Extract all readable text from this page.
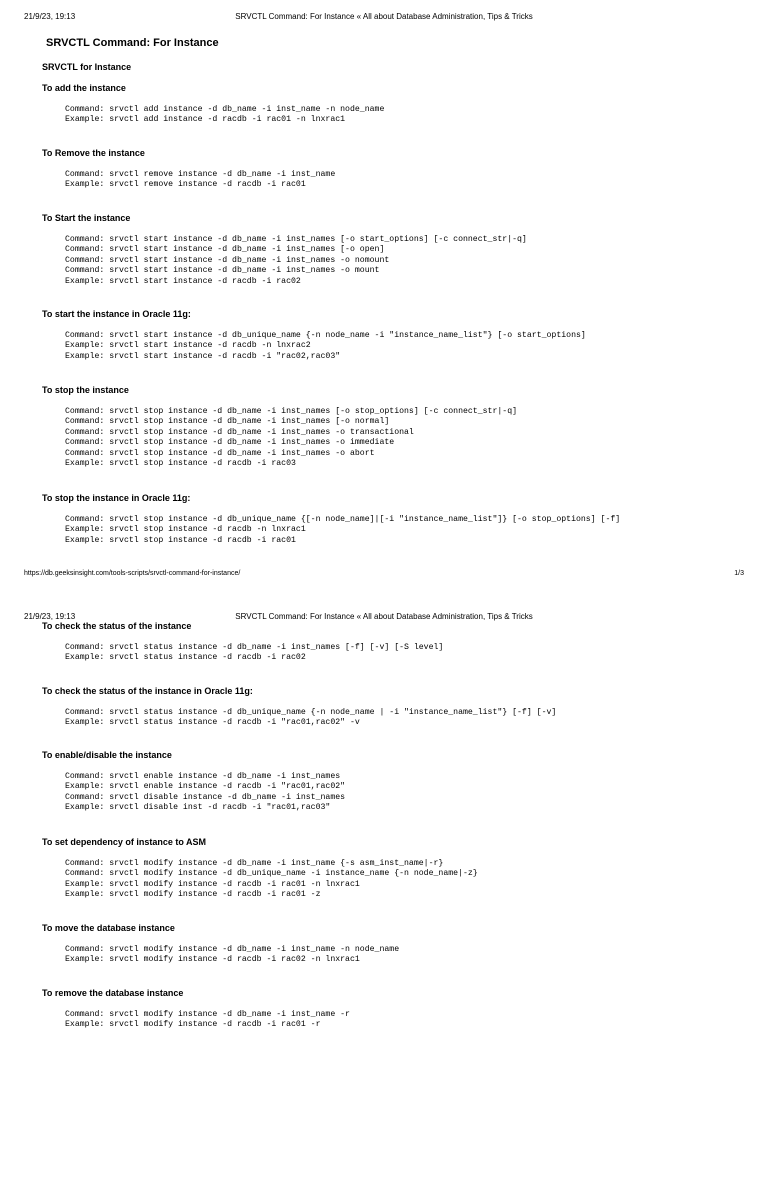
21/9/23, 19:13	SRVCTL Command: For Instance « All about Database Administration, Tips & Tricks
SRVCTL Command: For Instance
SRVCTL for Instance
To add the instance
Command: srvctl add instance -d db_name -i inst_name -n node_name
Example: srvctl add instance -d racdb -i rac01 -n lnxrac1
To Remove the instance
Command: srvctl remove instance -d db_name -i inst_name
Example: srvctl remove instance -d racdb -i rac01
To Start the instance
Command: srvctl start instance -d db_name -i inst_names [-o start_options] [-c connect_str|-q]
Command: srvctl start instance -d db_name -i inst_names [-o open]
Command: srvctl start instance -d db_name -i inst_names -o nomount
Command: srvctl start instance -d db_name -i inst_names -o mount
Example: srvctl start instance -d racdb -i rac02
To start the instance in Oracle 11g:
Command: srvctl start instance -d db_unique_name {-n node_name -i "instance_name_list"} [-o start_options]
Example: srvctl start instance -d racdb -n lnxrac2
Example: srvctl start instance -d racdb -i "rac02,rac03"
To stop the instance
Command: srvctl stop instance -d db_name -i inst_names [-o stop_options] [-c connect_str|-q]
Command: srvctl stop instance -d db_name -i inst_names [-o normal]
Command: srvctl stop instance -d db_name -i inst_names -o transactional
Command: srvctl stop instance -d db_name -i inst_names -o immediate
Command: srvctl stop instance -d db_name -i inst_names -o abort
Example: srvctl stop instance -d racdb -i rac03
To stop the instance in Oracle 11g:
Command: srvctl stop instance -d db_unique_name {[-n node_name]|[-i "instance_name_list"]} [-o stop_options] [-f]
Example: srvctl stop instance -d racdb -n lnxrac1
Example: srvctl stop instance -d racdb -i rac01
https://db.geeksinsight.com/tools-scripts/srvctl-command-for-instance/	1/3
21/9/23, 19:13	SRVCTL Command: For Instance « All about Database Administration, Tips & Tricks
To check the status of the instance
Command: srvctl status instance -d db_name -i inst_names [-f] [-v] [-S level]
Example: srvctl status instance -d racdb -i rac02
To check the status of the instance in Oracle 11g:
Command: srvctl status instance -d db_unique_name {-n node_name | -i "instance_name_list"} [-f] [-v]
Example: srvctl status instance -d racdb -i "rac01,rac02" -v
To enable/disable the instance
Command: srvctl enable instance -d db_name -i inst_names
Example: srvctl enable instance -d racdb -i "rac01,rac02"
Command: srvctl disable instance -d db_name -i inst_names
Example: srvctl disable inst -d racdb -i "rac01,rac03"
To set dependency of instance to ASM
Command: srvctl modify instance -d db_name -i inst_name {-s asm_inst_name|-r}
Command: srvctl modify instance -d db_unique_name -i instance_name {-n node_name|-z}
Example: srvctl modify instance -d racdb -i rac01 -n lnxrac1
Example: srvctl modify instance -d racdb -i rac01 -z
To move the database instance
Command: srvctl modify instance -d db_name -i inst_name -n node_name
Example: srvctl modify instance -d racdb -i rac02 -n lnxrac1
To remove the database instance
Command: srvctl modify instance -d db_name -i inst_name -r
Example: srvctl modify instance -d racdb -i rac01 -r
